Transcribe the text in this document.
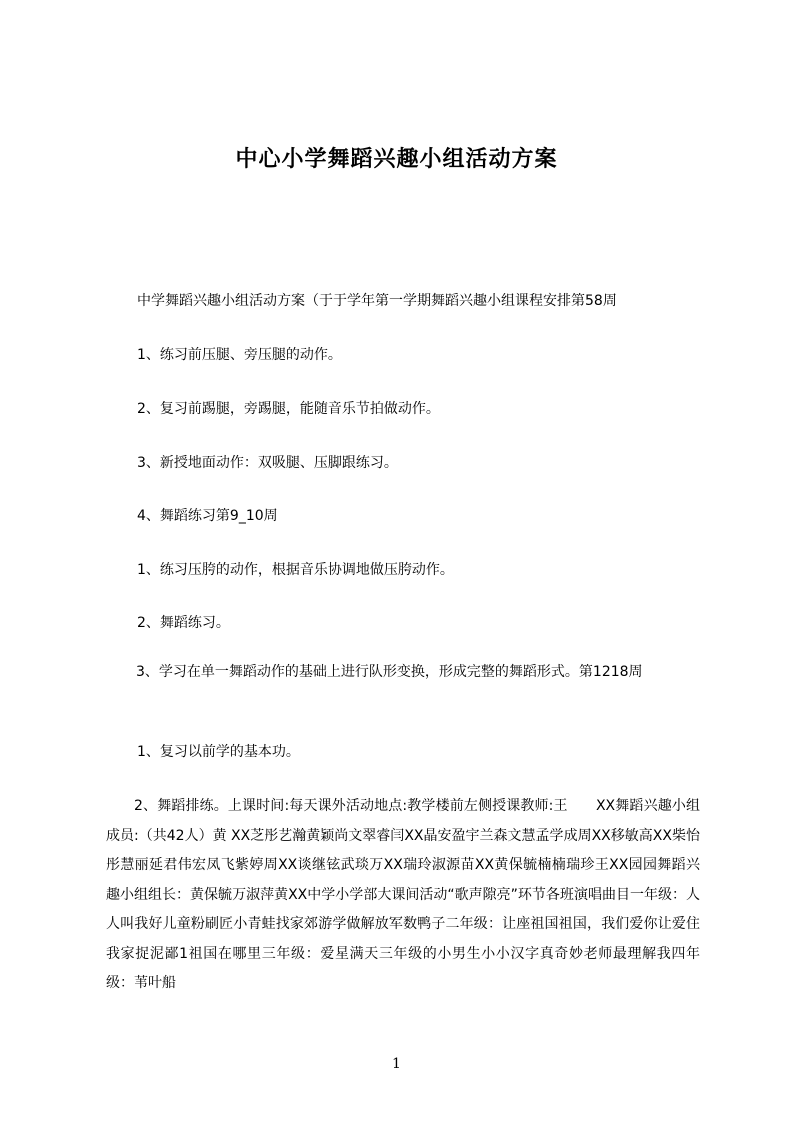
中心小学舞蹈兴趣小组活动方案

中学舞蹈兴趣小组活动方案（于于学年第一学期舞蹈兴趣小组课程安排第58周

1、练习前压腿、旁压腿的动作。

2、复习前踢腿，旁踢腿，能随音乐节拍做动作。

3、新授地面动作：双吸腿、压脚跟练习。

4、舞蹈练习第9_10周

1、练习压胯的动作，根据音乐协调地做压胯动作。

2、舞蹈练习。

3、学习在单一舞蹈动作的基础上进行队形变换，形成完整的舞蹈形式。第1218周

1、复习以前学的基本功。

2、舞蹈排练。上课时间:每天课外活动地点:教学楼前左侧授课教师:王　　XX舞蹈兴趣小组成员:（共42人）黄 XX芝彤艺瀚黄颖尚文翠睿闫XX晶安盈宇兰森文慧孟学成周XX移敏高XX柴怡彤慧丽延君伟宏凤飞紫婷周XX谈继铉武琰万XX瑞玲淑源苗XX黄保毓楠楠瑞珍王XX园园舞蹈兴趣小组组长：黄保毓万淑萍黄XX中学小学部大课间活动“歌声隙亮”环节各班演唱曲目一年级：人人叫我好儿童粉刷匠小青蛙找家郊游学做解放军数鸭子二年级：让座祖国祖国，我们爱你让爱住我家捉泥鄙1祖国在哪里三年级：爱星满天三年级的小男生小小汉字真奇妙老师最理解我四年级：苇叶船

1
